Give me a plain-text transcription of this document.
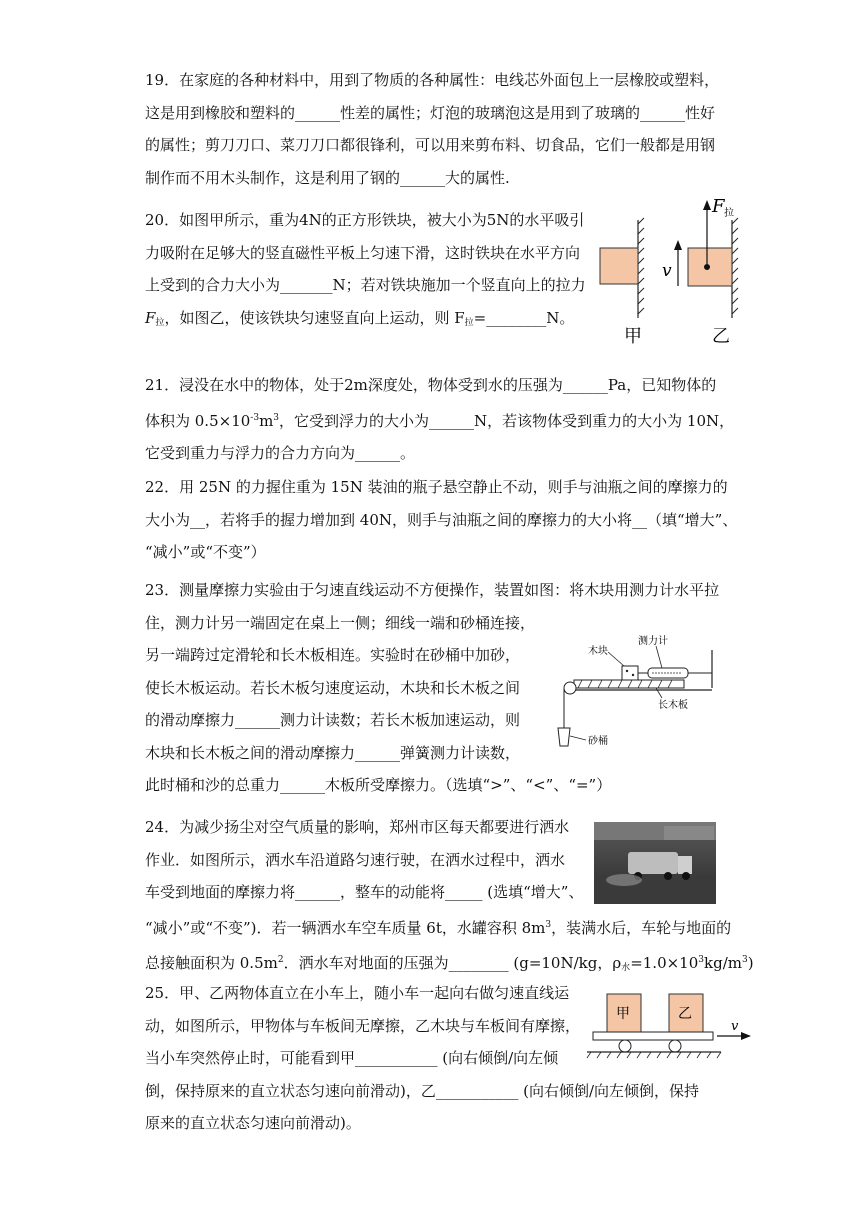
19．在家庭的各种材料中，用到了物质的各种属性：电线芯外面包上一层橡胶或塑料，

这是用到橡胶和塑料的______性差的属性；灯泡的玻璃泡这是用到了玻璃的______性好

的属性；剪刀刀口、菜刀刀口都很锋利，可以用来剪布料、切食品，它们一般都是用钢

制作而不用木头制作，这是利用了钢的______大的属性.

20．如图甲所示，重为4N的正方形铁块，被大小为5N的水平吸引

力吸附在足够大的竖直磁性平板上匀速下滑，这时铁块在水平方向

上受到的合力大小为_______N；若对铁块施加一个竖直向上的拉力

$F_拉$，如图乙，使该铁块匀速竖直向上运动，则 $F_拉=\_\_\_\_\_\_\_\_N$。

v
F 拉
甲	乙

21．浸没在水中的物体，处于2m深度处，物体受到水的压强为______Pa，已知物体的

体积为 $0.5\times 10^{-3}m^3$，它受到浮力的大小为______N，若该物体受到重力的大小为 10N，

它受到重力与浮力的合力方向为______。

22．用 25N 的力握住重为 15N 装油的瓶子悬空静止不动，则手与油瓶之间的摩擦力的

大小为__，若将手的握力增加到 40N，则手与油瓶之间的摩擦力的大小将__（填“增大”、

“减小”或“不变”）

23．测量摩擦力实验由于匀速直线运动不方便操作，装置如图：将木块用测力计水平拉

住，测力计另一端固定在桌上一侧；细线一端和砂桶连接，

另一端跨过定滑轮和长木板相连。实验时在砂桶中加砂，

使长木板运动。若长木板匀速度运动，木块和长木板之间

的滑动摩擦力______测力计读数；若长木板加速运动，则

木块和长木板之间的滑动摩擦力______弹簧测力计读数，

此时桶和沙的总重力______木板所受摩擦力。（选填“>”、“<”、“=”）

木块
测力计
长木板
砂桶

24．为减少扬尘对空气质量的影响，郑州市区每天都要进行洒水

作业．如图所示，洒水车沿道路匀速行驶，在洒水过程中，洒水

车受到地面的摩擦力将______，整车的动能将_____ (选填“增大”、

“减小”或“不变”)．若一辆洒水车空车质量 6t，水罐容积 $8m^3$，装满水后，车轮与地面的

总接触面积为 $0.5m^2$．洒水车对地面的压强为________ (g=10N/kg，$\rho_水=1.0\times 10^3kg/m^3$)

25．甲、乙两物体直立在小车上，随小车一起向右做匀速直线运

动，如图所示，甲物体与车板间无摩擦，乙木块与车板间有摩擦，

当小车突然停止时，可能看到甲___________ (向右倾倒/向左倾

倒，保持原来的直立状态匀速向前滑动)，乙___________ (向右倾倒/向左倾倒，保持

原来的直立状态匀速向前滑动)。

甲	乙
v
